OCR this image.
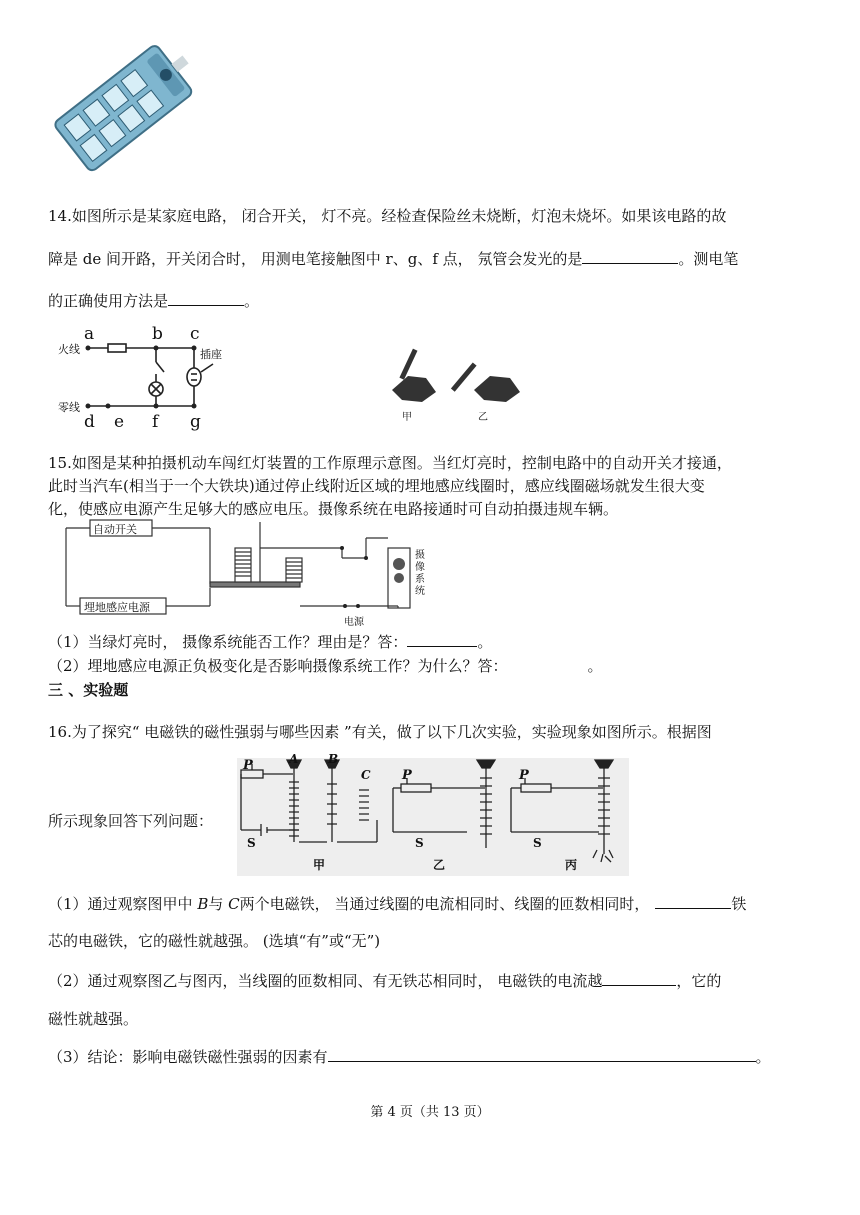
14.如图所示是某家庭电路， 闭合开关， 灯不亮。经检查保险丝未烧断，灯泡未烧坏。如果该电路的故
障是 de 间开路，开关闭合时， 用测电笔接触图中 r、g、f 点， 氖管会发光的是	。测电笔
的正确使用方法是	。
火线
零线
插座
a	b c
d e f g	甲	乙
15.如图是某种拍摄机动车闯红灯装置的工作原理示意图。当红灯亮时，控制电路中的自动开关才接通，
此时当汽车(相当于一个大铁块)通过停止线附近区域的埋地感应线圈时，感应线圈磁场就发生很大变
化，使感应电源产生足够大的感应电压。摄像系统在电路接通时可自动拍摄违规车辆。
自动开关
埋地感应电源
电源
摄像系统
（1）当绿灯亮时， 摄像系统能否工作？理由是？答：	。
（2）埋地感应电源正负极变化是否影响摄像系统工作？为什么？答：	。
三 、实验题
16.为了探究“ 电磁铁的磁性强弱与哪些因素 ”有关，做了以下几次实验，实验现象如图所示。根据图
所示现象回答下列问题：
P	A B
C
S
甲
P
S
乙
P
S
丙
（1）通过观察图甲中 B与 C两个电磁铁， 当通过线圈的电流相同时、线圈的匝数相同时，	铁
芯的电磁铁，它的磁性就越强。 (选填“有”或“无”)
（2）通过观察图乙与图丙，当线圈的匝数相同、有无铁芯相同时， 电磁铁的电流越	，它的
磁性就越强。
（3）结论：影响电磁铁磁性强弱的因素有	。
第 4 页（共 13 页）
